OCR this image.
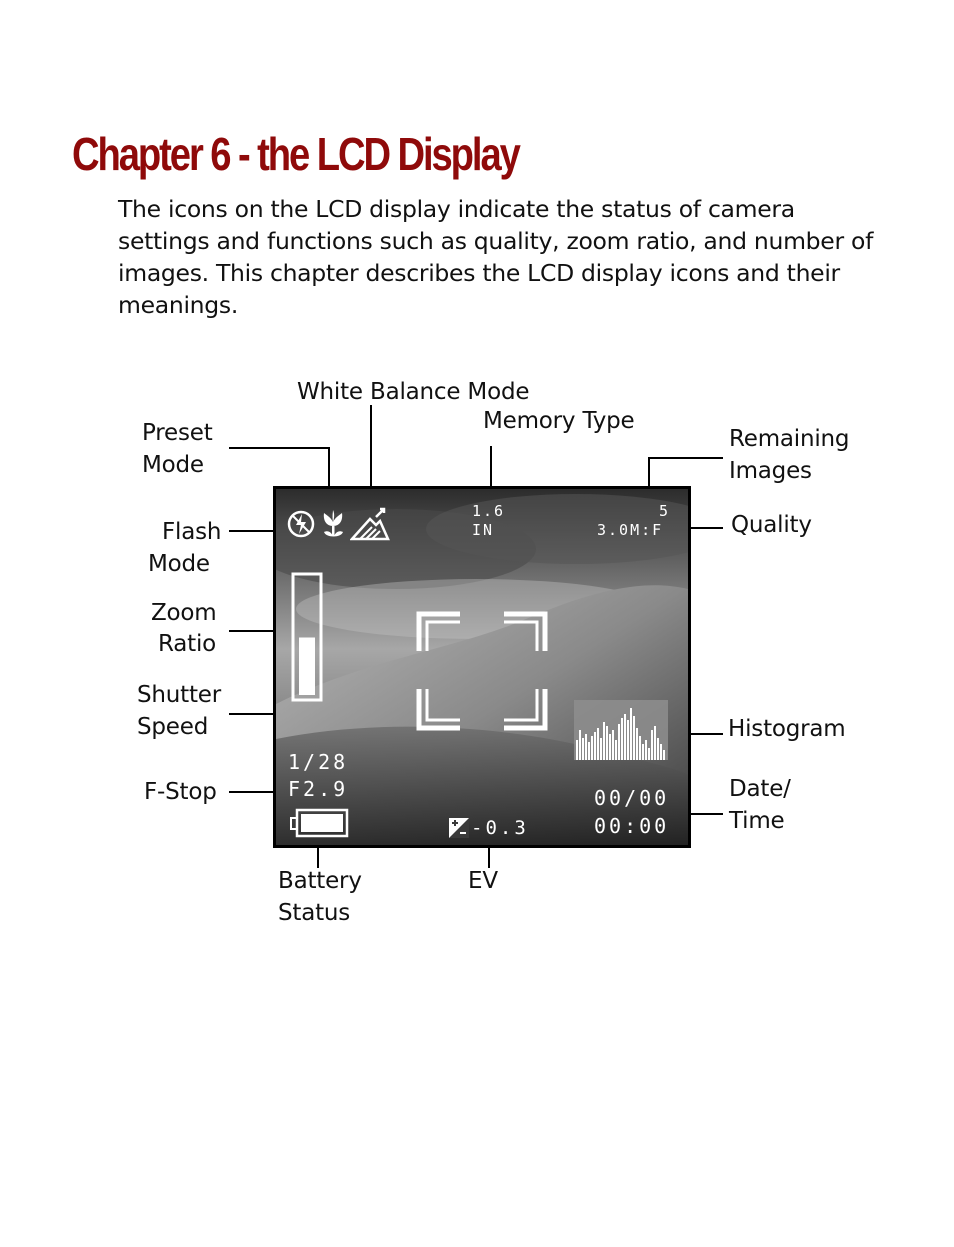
Chapter 6 - the LCD Display

The icons on the LCD display indicate the status of camera settings and functions such as quality, zoom ratio, and number of images. This chapter describes the LCD display icons and their meanings.

White Balance Mode
Memory Type
Preset
Mode
Remaining
Images
Flash
Mode
Quality
Zoom
Ratio
Shutter
Speed	Histogram
F-Stop	Date/
Time
Battery
Status
EV
1.6
IN
5
3.0M:F
1/28
F2.9
-0.3
00/00
00:00
